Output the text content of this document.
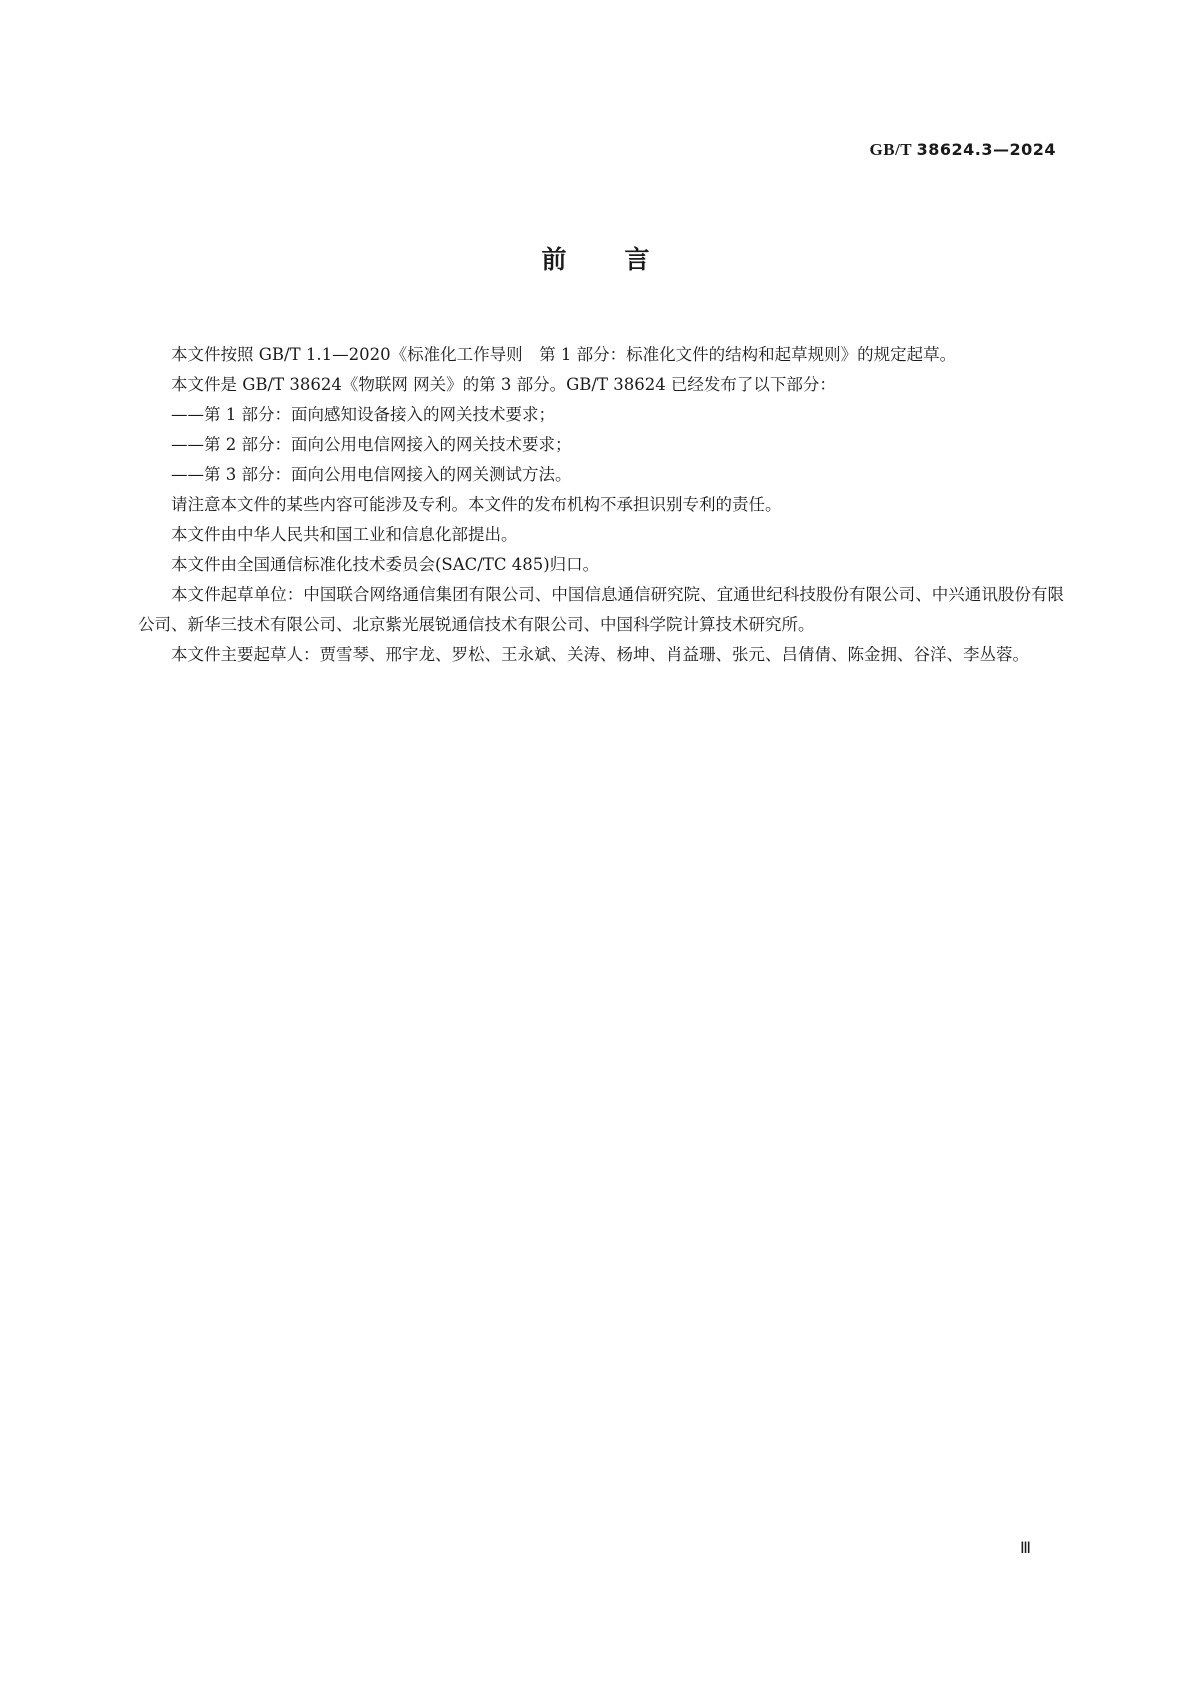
GB/T 38624.3—2024
前言

本文件按照 GB/T 1.1—2020《标准化工作导则　第 1 部分：标准化文件的结构和起草规则》的规定起草。

本文件是 GB/T 38624《物联网 网关》的第 3 部分。GB/T 38624 已经发布了以下部分：

——第 1 部分：面向感知设备接入的网关技术要求；

——第 2 部分：面向公用电信网接入的网关技术要求；

——第 3 部分：面向公用电信网接入的网关测试方法。

请注意本文件的某些内容可能涉及专利。本文件的发布机构不承担识别专利的责任。

本文件由中华人民共和国工业和信息化部提出。

本文件由全国通信标准化技术委员会(SAC/TC 485)归口。

本文件起草单位：中国联合网络通信集团有限公司、中国信息通信研究院、宜通世纪科技股份有限公司、中兴通讯股份有限公司、新华三技术有限公司、北京紫光展锐通信技术有限公司、中国科学院计算技术研究所。

本文件主要起草人：贾雪琴、邢宇龙、罗松、王永斌、关涛、杨坤、肖益珊、张元、吕倩倩、陈金拥、谷洋、李丛蓉。

Ⅲ
